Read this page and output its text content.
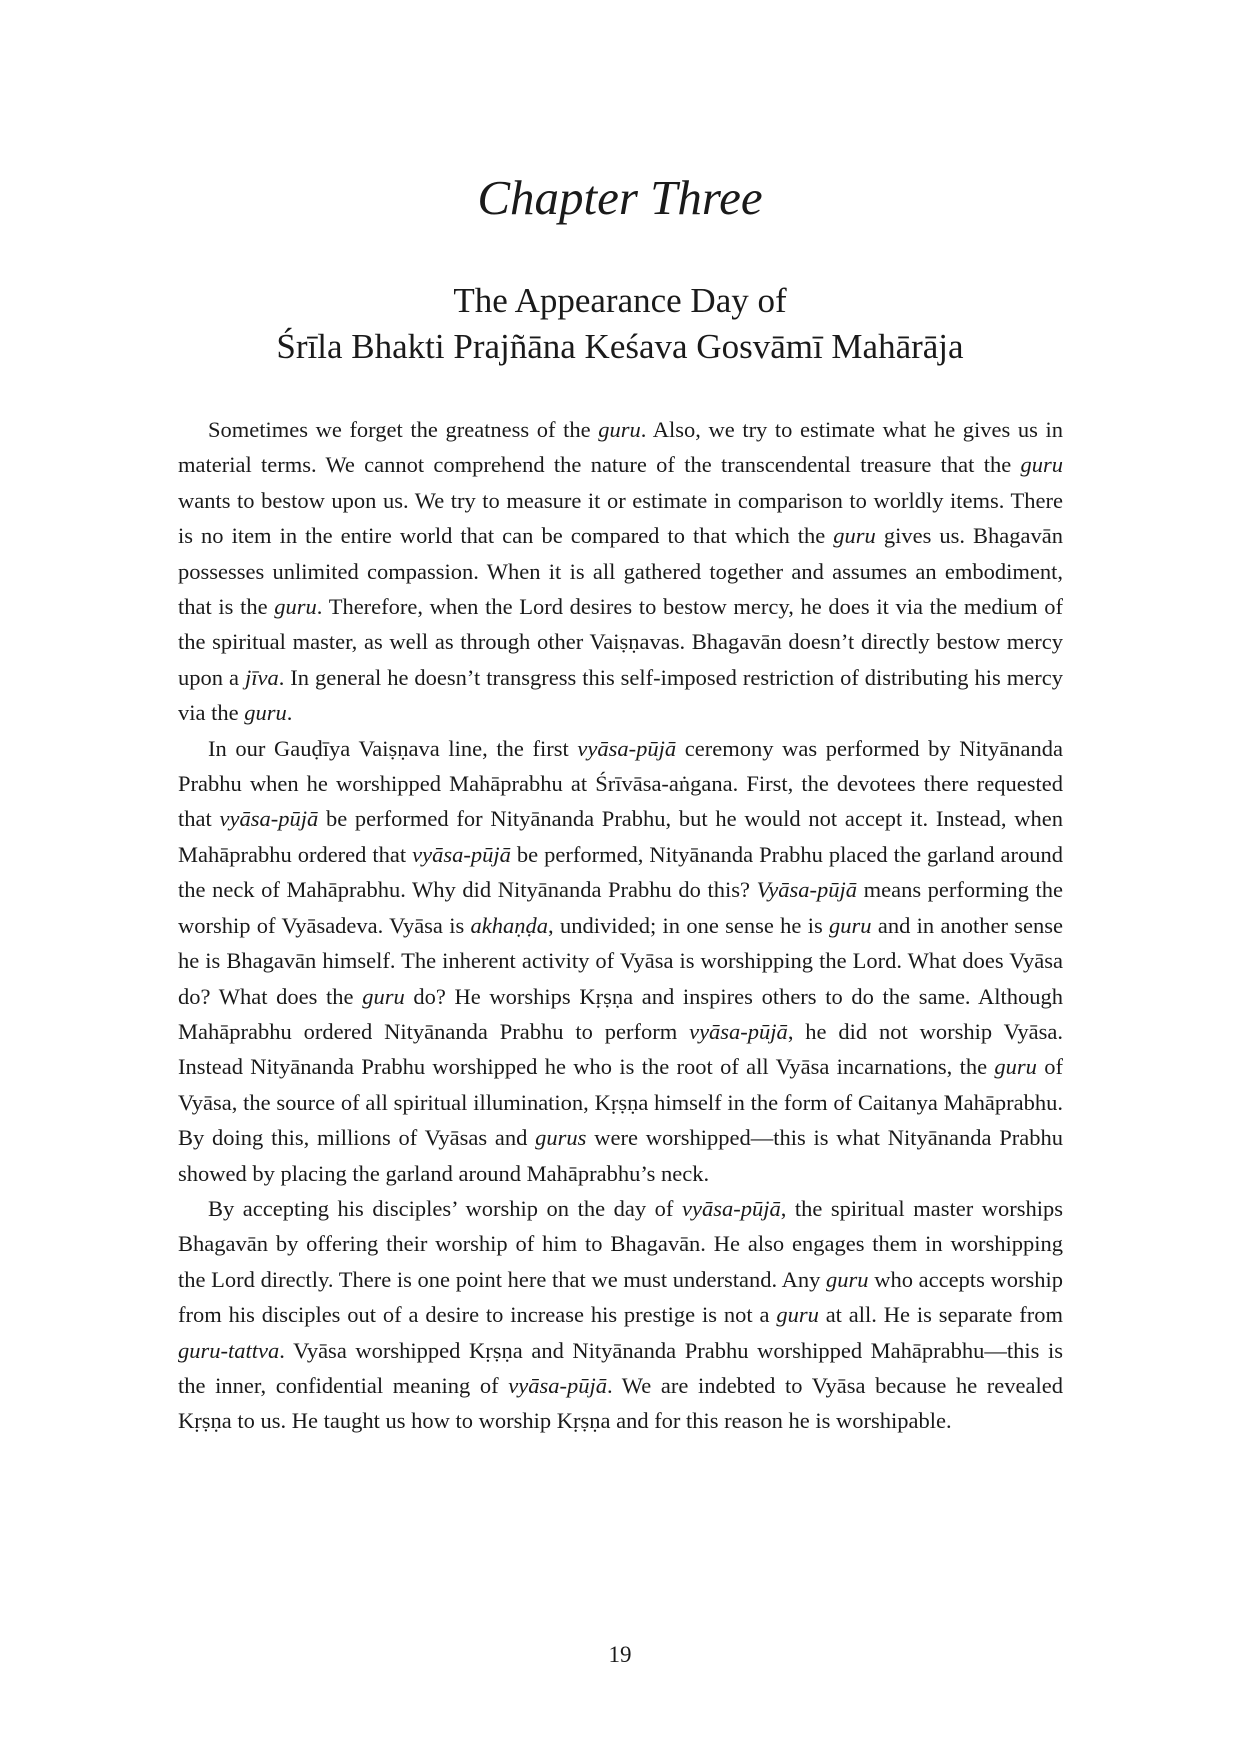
Chapter Three
The Appearance Day of
Śrīla Bhakti Prajñāna Keśava Gosvāmī Mahārāja

Sometimes we forget the greatness of the guru. Also, we try to estimate what he gives us in material terms. We cannot comprehend the nature of the transcendental treasure that the guru wants to bestow upon us. We try to measure it or estimate in comparison to worldly items. There is no item in the entire world that can be compared to that which the guru gives us. Bhagavān possesses unlimited compassion. When it is all gathered together and assumes an embodiment, that is the guru. Therefore, when the Lord desires to bestow mercy, he does it via the medium of the spiritual master, as well as through other Vaiṣṇavas. Bhagavān doesn’t directly bestow mercy upon a jīva. In general he doesn’t transgress this self-imposed restriction of distributing his mercy via the guru.

In our Gauḍīya Vaiṣṇava line, the first vyāsa-pūjā ceremony was performed by Nityānanda Prabhu when he worshipped Mahāprabhu at Śrīvāsa-aṅgana. First, the devotees there requested that vyāsa-pūjā be performed for Nityānanda Prabhu, but he would not accept it. Instead, when Mahāprabhu ordered that vyāsa-pūjā be performed, Nityānanda Prabhu placed the garland around the neck of Mahāprabhu. Why did Nityānanda Prabhu do this? Vyāsa-pūjā means performing the worship of Vyāsadeva. Vyāsa is akhaṇḍa, undivided; in one sense he is guru and in another sense he is Bhagavān himself. The inherent activity of Vyāsa is worshipping the Lord. What does Vyāsa do? What does the guru do? He worships Kṛṣṇa and inspires others to do the same. Although Mahāprabhu ordered Nityānanda Prabhu to perform vyāsa-pūjā, he did not worship Vyāsa. Instead Nityānanda Prabhu worshipped he who is the root of all Vyāsa incarnations, the guru of Vyāsa, the source of all spiritual illumination, Kṛṣṇa himself in the form of Caitanya Mahāprabhu. By doing this, millions of Vyāsas and gurus were worshipped—this is what Nityānanda Prabhu showed by placing the garland around Mahāprabhu’s neck.

By accepting his disciples’ worship on the day of vyāsa-pūjā, the spiritual master worships Bhagavān by offering their worship of him to Bhagavān. He also engages them in worshipping the Lord directly. There is one point here that we must understand. Any guru who accepts worship from his disciples out of a desire to increase his prestige is not a guru at all. He is separate from guru-tattva. Vyāsa worshipped Kṛṣṇa and Nityānanda Prabhu worshipped Mahāprabhu—this is the inner, confidential meaning of vyāsa-pūjā. We are indebted to Vyāsa because he revealed Kṛṣṇa to us. He taught us how to worship Kṛṣṇa and for this reason he is worshipable.

19
